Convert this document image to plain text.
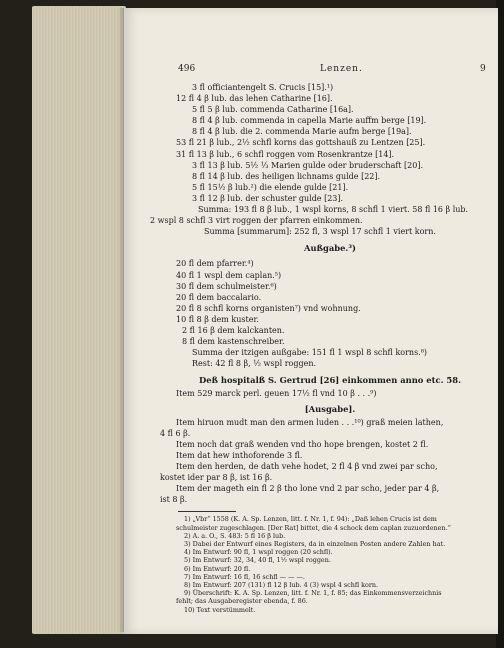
496	Lenzen.	9
3 fl officiantengelt S. Crucis [15].¹)
12 fl 4 β lub. das lehen Catharine [16].
5 fl 5 β lub. commenda Catharine [16a].
8 fl 4 β lub. commenda in capella Marie auffm berge [19].
8 fl 4 β lub. die 2. commenda Marie aufm berge [19a].
53 fl 21 β lub., 2½ schfl korns das gottshauß zu Lentzen [25].
31 fl 13 β lub., 6 schfl roggen vom Rosenkrantze [14].
3 fl 13 β lub. 5½ ⅓ Marien gulde oder bruderschaft [20].
8 fl 14 β lub. des heiligen lichnams gulde [22].
5 fl 15½ β lub.²) die elende gulde [21].
3 fl 12 β lub. der schuster gulde [23].
Summa: 193 fl 8 β lub., 1 wspl korns, 8 schfl 1 viert. 58 fl 16 β lub.
2 wspl 8 schfl 3 virt roggen der pfarren einkommen.
Summa [summarum]: 252 fl, 3 wspl 17 schfl 1 viert korn.
Außgabe.³)
20 fl dem pfarrer.⁴)
40 fl 1 wspl dem caplan.⁵)
30 fl dem schulmeister.⁶)
20 fl dem baccalario.
20 fl 8 schfl korns organisten⁷) vnd wohnung.
10 fl 8 β dem kuster.
2 fl 16 β dem kalckanten.
8 fl dem kastenschreiber.
Summa der itzigen außgabe: 151 fl 1 wspl 8 schfl korns.⁸)
Rest: 42 fl 8 β, ½ wspl roggen.
Deß hospitalß S. Gertrud [26] einkommen anno etc. 58.
Item 529 marck perl. geuen 17½ fl vnd 10 β . . .⁹)
[Ausgabe].
Item hiruon mudt man den armen luden . . .¹⁰) graß meien lathen,
4 fl 6 β.
Item noch dat graß wenden vnd tho hope brengen, kostet 2 fl.
Item dat hew inthoforende 3 fl.
Item den herden, de dath vehe hodet, 2 fl 4 β vnd zwei par scho,
kostet ider par 8 β, ist 16 β.
Item der mageth ein fl 2 β tho lone vnd 2 par scho, jeder par 4 β,
ist 8 β.
1) „Vbr“ 1558 (K. A. Sp. Lenzen, litt. f. Nr. 1, f. 94): „Daß lehen Crucis ist dem
schulmeister zugeschlagen. [Der Rat] bittet, die 4 schock dem caplan zuzuordenen.“
2) A. a. O., S. 483: 5 fl 16 β lub.
3) Dabei der Entwurf eines Registers, da in einzelnen Posten andere Zahlen hat.
4) Im Entwurf: 90 fl, 1 wspl roggen (20 schfl).
5) Im Entwurf: 32, 34, 40 fl, 1½ wspl roggen.
6) Im Entwurf: 20 fl.
7) Im Entwurf: 16 fl, 16 schfl — — —.
8) Im Entwurf: 207 (131) fl 12 β lub. 4 (3) wspl 4 schfl korn.
9) Überschrift: K. A. Sp. Lenzen, litt. f. Nr. 1, f. 85; das Einkommensverzeichnis
fehlt; das Ausgaberegister ebenda, f. 86.
10) Text verstümmelt.
